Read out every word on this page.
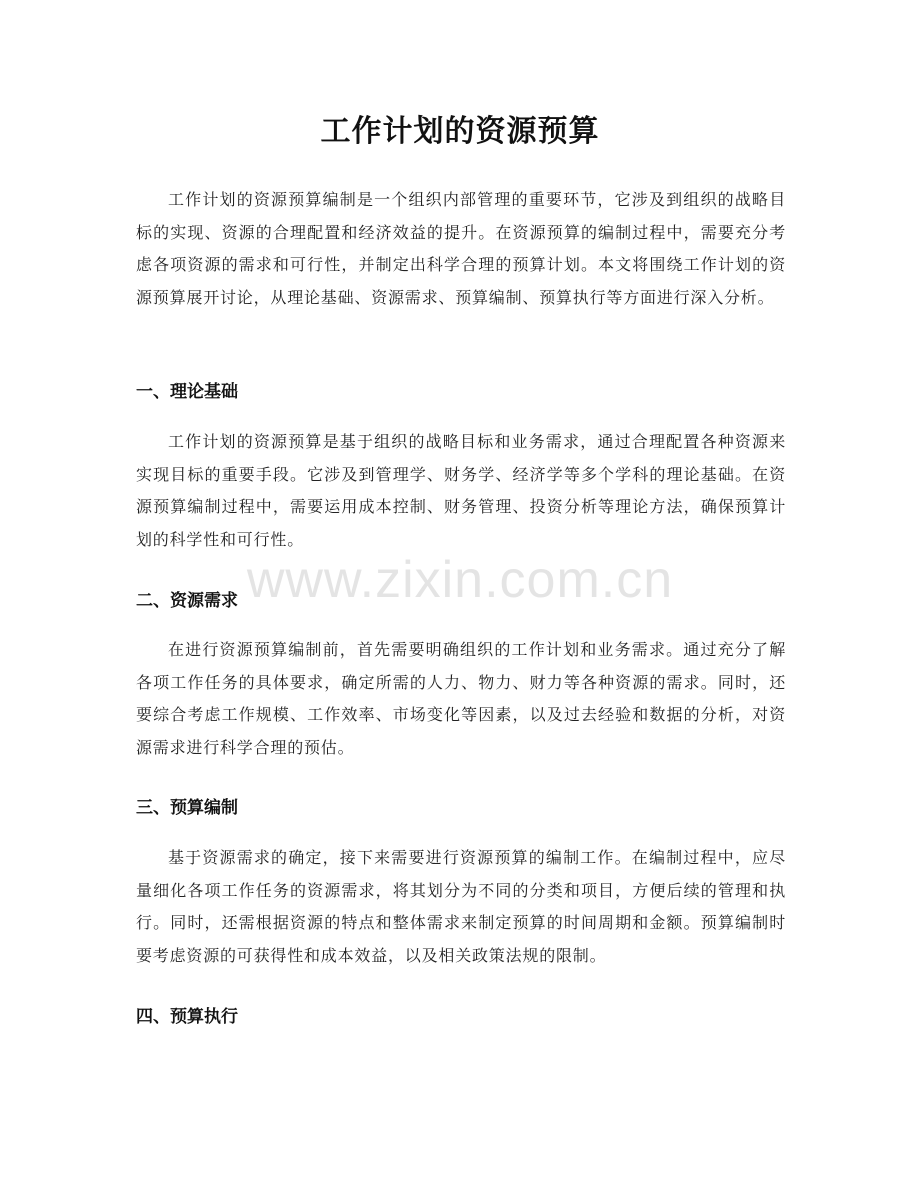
工作计划的资源预算

工作计划的资源预算编制是一个组织内部管理的重要环节，它涉及到组织的战略目标的实现、资源的合理配置和经济效益的提升。在资源预算的编制过程中，需要充分考虑各项资源的需求和可行性，并制定出科学合理的预算计划。本文将围绕工作计划的资源预算展开讨论，从理论基础、资源需求、预算编制、预算执行等方面进行深入分析。

一、理论基础

工作计划的资源预算是基于组织的战略目标和业务需求，通过合理配置各种资源来实现目标的重要手段。它涉及到管理学、财务学、经济学等多个学科的理论基础。在资源预算编制过程中，需要运用成本控制、财务管理、投资分析等理论方法，确保预算计划的科学性和可行性。

二、资源需求

在进行资源预算编制前，首先需要明确组织的工作计划和业务需求。通过充分了解各项工作任务的具体要求，确定所需的人力、物力、财力等各种资源的需求。同时，还要综合考虑工作规模、工作效率、市场变化等因素，以及过去经验和数据的分析，对资源需求进行科学合理的预估。

三、预算编制

基于资源需求的确定，接下来需要进行资源预算的编制工作。在编制过程中，应尽量细化各项工作任务的资源需求，将其划分为不同的分类和项目，方便后续的管理和执行。同时，还需根据资源的特点和整体需求来制定预算的时间周期和金额。预算编制时要考虑资源的可获得性和成本效益，以及相关政策法规的限制。

四、预算执行
www.zixin.com.cn
